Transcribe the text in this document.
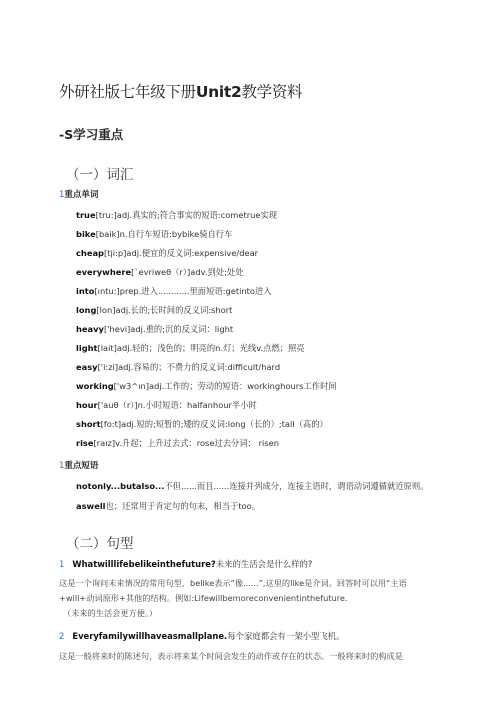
外研社版七年级下册Unit2教学资料
-S学习重点
（一）词汇
1重点单词
true[tru:]adj.真实的;符合事实的短语:cometrue实现
bike[baik]n.自行车短语:bybike骑自行车
cheap[tji:p]adj.便宜的反义词:expensive/dear
everywhere[`evriweθ（r）]adv.到处;处处
into[ıntu:]prep.进入............里面短语:getinto进入
long[lon]adj.长的;长时间的反义词:short
heavy['hevi]adj.重的;沉的反义词：light
light[lait]adj.轻的；浅色的；明亮的n.灯；光线v.点燃；照亮
easy['i:zi]adj.容易的；不费力的反义词:difficult/hard
working['w3^ın]adj.工作的；劳动的短语：workinghours工作时间
hour['auθ（r）]n.小时短语：halfanhour半小时
short[fo:t]adj.短的;短暂的;矮的反义词:long（长的）;tall（高的）
rise[raız]v.升起；上升过去式：rose过去分词： risen
1重点短语
notonly...butalso...不但......而且......连接并列成分，连接主语时，谓语动词遵循就近原则。
aswell也；还常用于肯定句的句末，相当于too。
（二）句型
1 Whatwilllifebelikeinthefuture?未来的生活会是什么样的?
这是一个询问未来情况的常用句型，belike表示“像......”,这里的like是介词。回答时可以用“主语
+will+动词原形+其他的结构。例如:Lifewillbemoreconvenientinthefuture.
（未来的生活会更方便。）
2 Everyfamilywillhaveasmallplane.每个家庭都会有一架小型飞机。
这是一般将来时的陈述句，表示将来某个时间会发生的动作或存在的状态。一般将来时的构成是
